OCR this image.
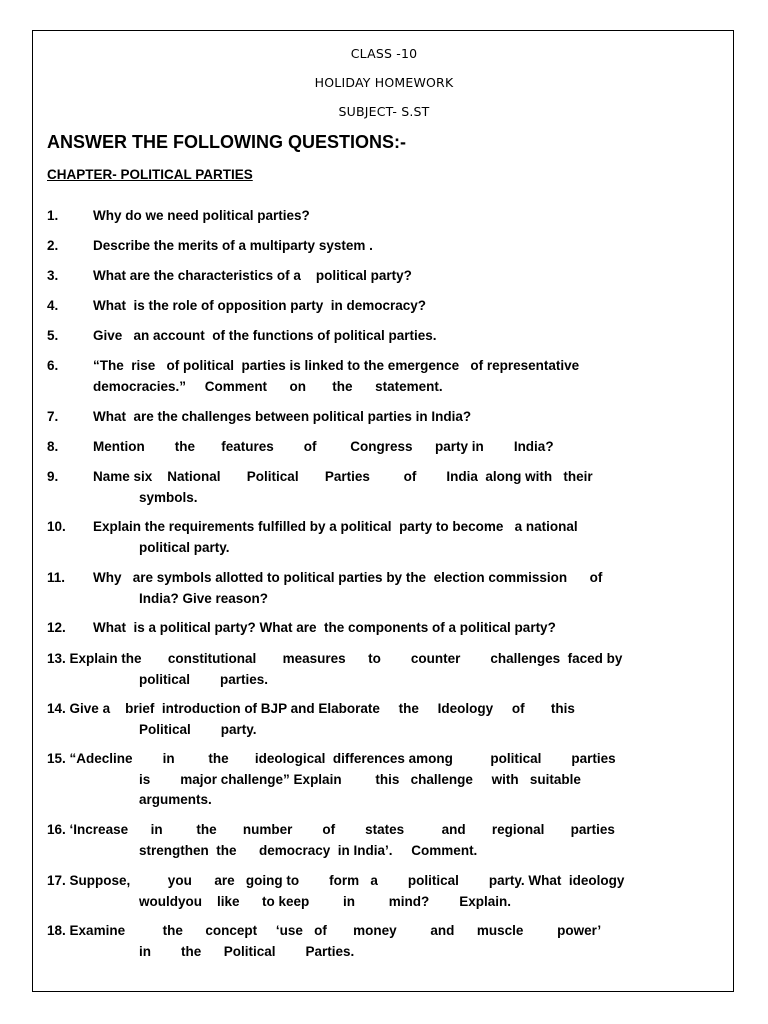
CLASS -10
HOLIDAY HOMEWORK
SUBJECT- S.ST
ANSWER THE FOLLOWING QUESTIONS:-
CHAPTER- POLITICAL PARTIES
1.	Why do we need political parties?
2.	Describe the merits of a multiparty system .
3.	What are the characteristics of a    political party?
4.	What  is the role of opposition party  in democracy?
5.	Give   an account  of the functions of political parties.
6.	“The  rise   of political  parties is linked to the emergence   of representative
democracies.”     Comment      on       the      statement.
7.	What  are the challenges between political parties in India?
8.	Mention        the       features        of         Congress      party in        India?
9.	Name six    National       Political       Parties         of        India  along with   their
symbols.
10. Explain the requirements fulfilled by a political  party to become   a national
political party.
11. Why   are symbols allotted to political parties by the  election commission      of
India? Give reason?
12. What  is a political party? What are  the components of a political party?
13. Explain the       constitutional       measures      to        counter        challenges  faced by
political        parties.
14. Give a    brief  introduction of BJP and Elaborate     the     Ideology     of       this
Political        party.
15. “Adecline        in         the       ideological  differences among          political        parties
is        major challenge” Explain         this   challenge     with   suitable
arguments.
16. ‘Increase      in         the       number        of        states          and       regional       parties
strengthen  the      democracy  in India’.     Comment.
17. Suppose,          you      are   going to        form   a        political        party. What  ideology
wouldyou    like      to keep         in         mind?        Explain.
18. Examine          the      concept     ‘use   of       money         and      muscle         power’
in        the      Political        Parties.
